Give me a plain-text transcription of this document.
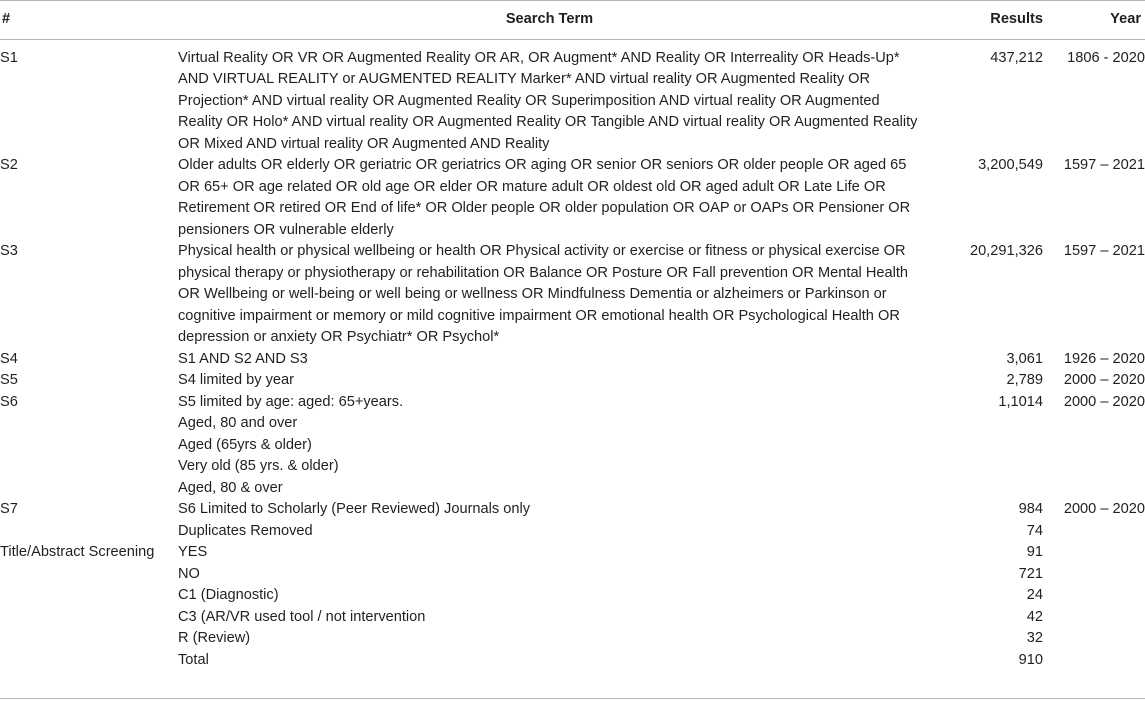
#	Search Term	Results	Year
S1	Virtual Reality OR VR OR Augmented Reality OR AR, OR Augment* AND Reality OR Interreality OR Heads-Up* AND VIRTUAL REALITY or AUGMENTED REALITY Marker* AND virtual reality OR Augmented Reality OR Projection* AND virtual reality OR Augmented Reality OR Superimposition AND virtual reality OR Augmented Reality OR Holo* AND virtual reality OR Augmented Reality OR Tangible AND virtual reality OR Augmented Reality OR Mixed AND virtual reality OR Augmented AND Reality	437,212	1806 - 2020
S2	Older adults OR elderly OR geriatric OR geriatrics OR aging OR senior OR seniors OR older people OR aged 65 OR 65+ OR age related OR old age OR elder OR mature adult OR oldest old OR aged adult OR Late Life OR Retirement OR retired OR End of life* OR Older people OR older population OR OAP or OAPs OR Pensioner OR pensioners OR vulnerable elderly	3,200,549	1597 – 2021
S3	Physical health or physical wellbeing or health OR Physical activity or exercise or fitness or physical exercise OR physical therapy or physiotherapy or rehabilitation OR Balance OR Posture OR Fall prevention OR Mental Health OR Wellbeing or well-being or well being or wellness OR Mindfulness Dementia or alzheimers or Parkinson or cognitive impairment or memory or mild cognitive impairment OR emotional health OR Psychological Health OR depression or anxiety OR Psychiatr* OR Psychol*	20,291,326	1597 – 2021
S4	S1 AND S2 AND S3	3,061	1926 – 2020
S5	S4 limited by year	2,789	2000 – 2020
S6	S5 limited by age: aged: 65+years.	1,1014	2000 – 2020
	Aged, 80 and over		
	Aged (65yrs & older)		
	Very old (85 yrs. & older)		
	Aged, 80 & over		
S7	S6 Limited to Scholarly (Peer Reviewed) Journals only	984	2000 – 2020
	Duplicates Removed	74	
Title/Abstract Screening	YES	91	
	NO	721	
	C1 (Diagnostic)	24	
	C3 (AR/VR used tool / not intervention	42	
	R (Review)	32	
	Total	910	
